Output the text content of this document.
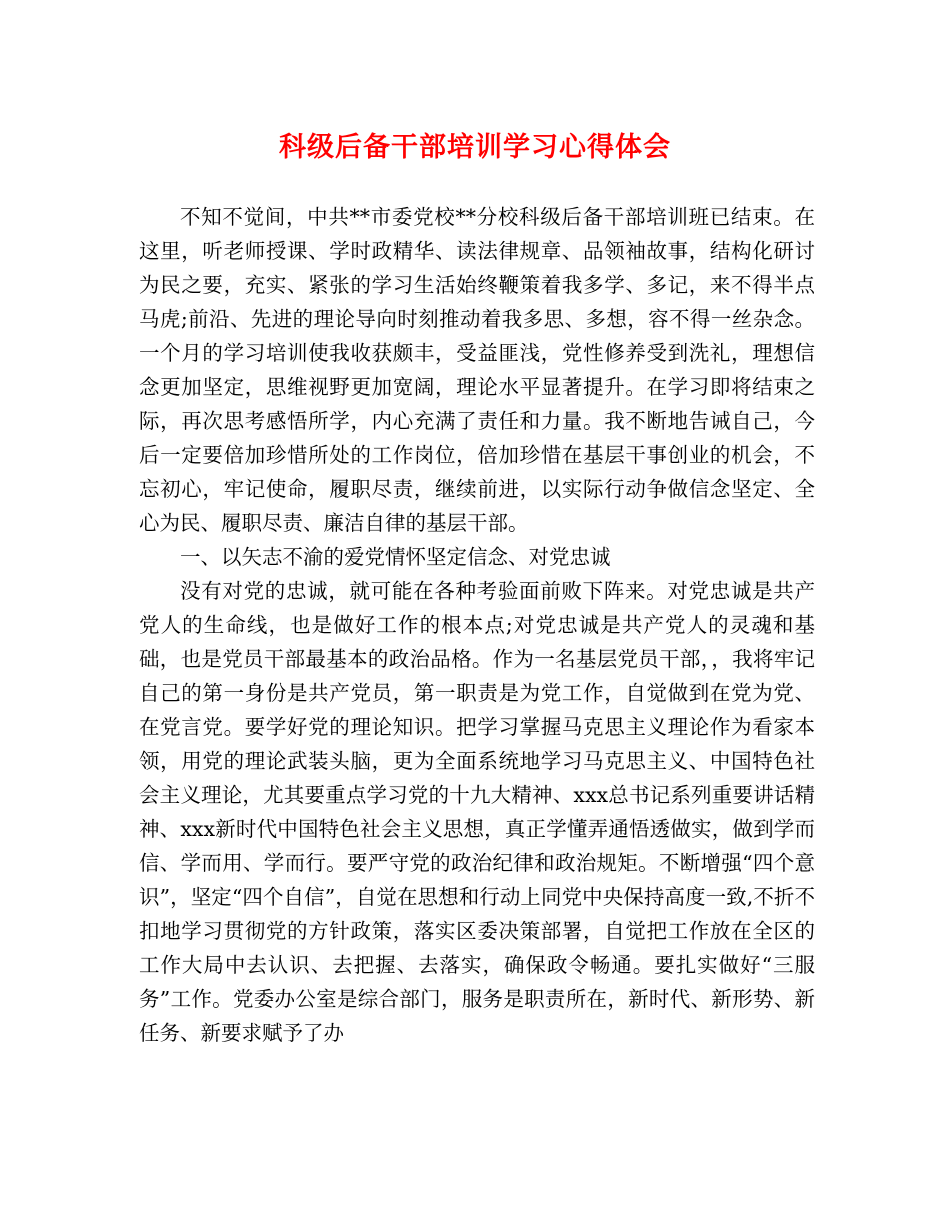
科级后备干部培训学习心得体会

不知不觉间，中共**市委党校**分校科级后备干部培训班已结束。在这里，听老师授课、学时政精华、读法律规章、品领袖故事，结构化研讨为民之要，充实、紧张的学习生活始终鞭策着我多学、多记，来不得半点马虎;前沿、先进的理论导向时刻推动着我多思、多想，容不得一丝杂念。一个月的学习培训使我收获颇丰，受益匪浅，党性修养受到洗礼，理想信念更加坚定，思维视野更加宽阔，理论水平显著提升。在学习即将结束之际，再次思考感悟所学，内心充满了责任和力量。我不断地告诫自己，今后一定要倍加珍惜所处的工作岗位，倍加珍惜在基层干事创业的机会，不忘初心，牢记使命，履职尽责，继续前进，以实际行动争做信念坚定、全心为民、履职尽责、廉洁自律的基层干部。

一、以矢志不渝的爱党情怀坚定信念、对党忠诚

没有对党的忠诚，就可能在各种考验面前败下阵来。对党忠诚是共产党人的生命线，也是做好工作的根本点;对党忠诚是共产党人的灵魂和基础，也是党员干部最基本的政治品格。作为一名基层党员干部，，我将牢记自己的第一身份是共产党员，第一职责是为党工作，自觉做到在党为党、在党言党。要学好党的理论知识。把学习掌握马克思主义理论作为看家本领，用党的理论武装头脑，更为全面系统地学习马克思主义、中国特色社会主义理论，尤其要重点学习党的十九大精神、xxx总书记系列重要讲话精神、xxx新时代中国特色社会主义思想，真正学懂弄通悟透做实，做到学而信、学而用、学而行。要严守党的政治纪律和政治规矩。不断增强“四个意识”，坚定“四个自信”，自觉在思想和行动上同党中央保持高度一致,不折不扣地学习贯彻党的方针政策，落实区委决策部署，自觉把工作放在全区的工作大局中去认识、去把握、去落实，确保政令畅通。要扎实做好“三服务”工作。党委办公室是综合部门，服务是职责所在，新时代、新形势、新任务、新要求赋予了办
